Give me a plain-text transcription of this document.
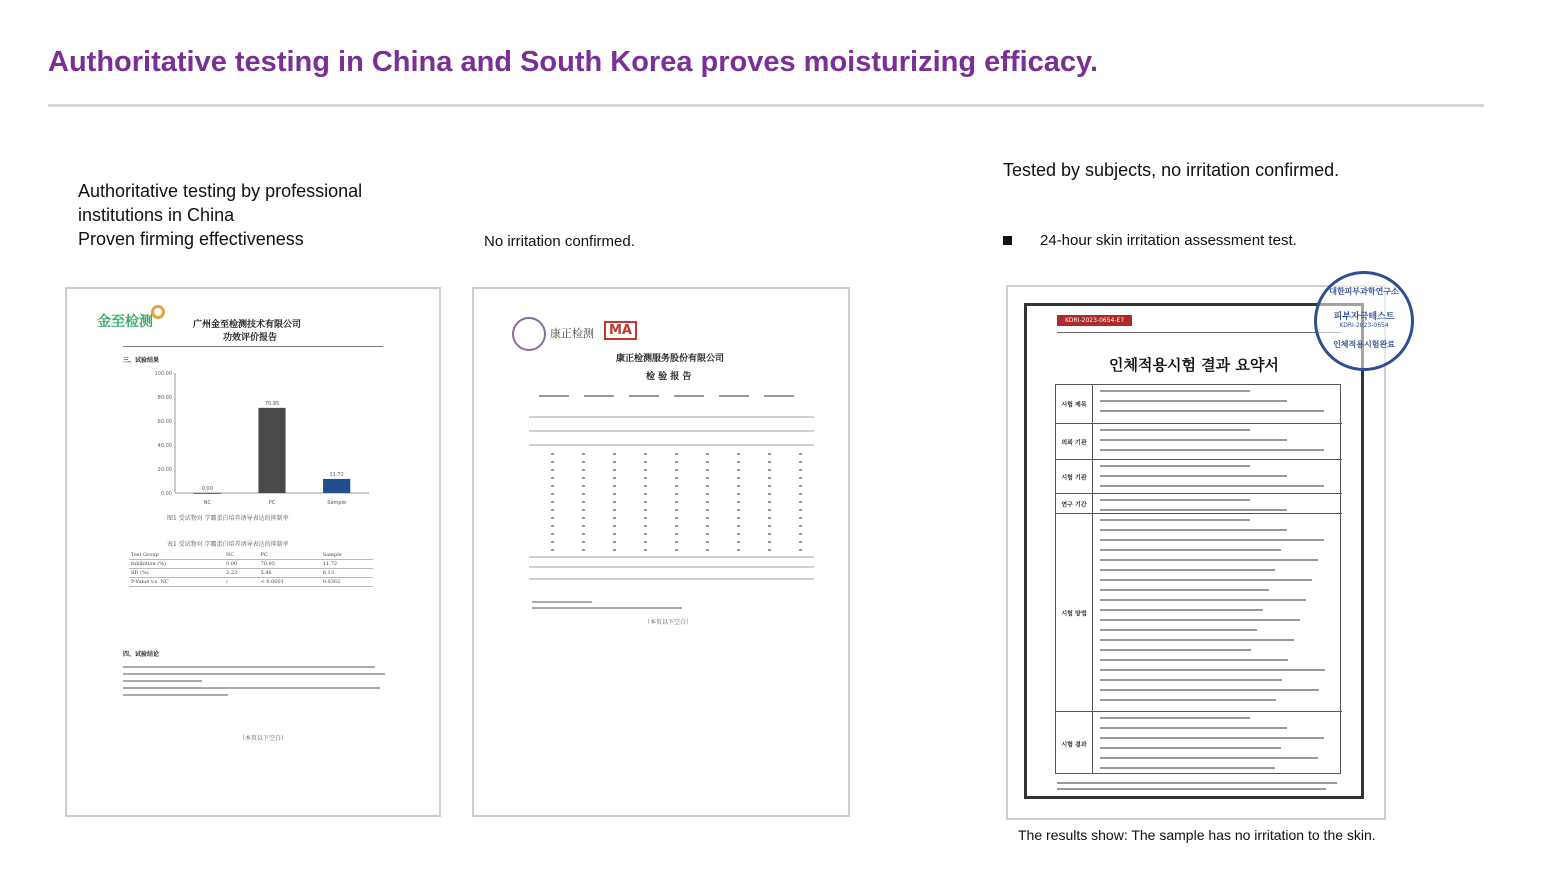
Authoritative testing in China and South Korea proves moisturizing efficacy.
Authoritative testing by professional
institutions in China
Proven firming effectiveness	No irritation confirmed.
Tested by subjects, no irritation confirmed.
24-hour skin irritation assessment test.
金至检测	广州金至检测技术有限公司
功效评价报告
三、试验结果
0.00
20.00
40.00
60.00
80.00
100.00
0.00
NC
70.95
PC
11.72
Sample
图1 受试物对 学霸蛋白培养诱导表达的抑制率
表1 受试物对 学霸蛋白培养诱导表达的抑制率
Test Group	NC	PC	Sample
Inhibition (%)	0.00	70.95	11.72
SD (%)	2.23	5.46	6.13
P-Value v.s. NC	/	< 0.0001	0.0362
四、试验结论
（本页以下空白）
康正检测	MA
康正检测服务股份有限公司
检 验 报 告
（本页以下空白）
KDRI-2023-0654-E7
인체적용시험 결과 요약서
시험 제목
의뢰 기관
시험 기관
연구 기간
시험 방법
시험 결과
대한피부과학연구소
피부자극테스트
KDRI-2023-0654
인체적용시험완료
The results show: The sample has no irritation to the skin.
